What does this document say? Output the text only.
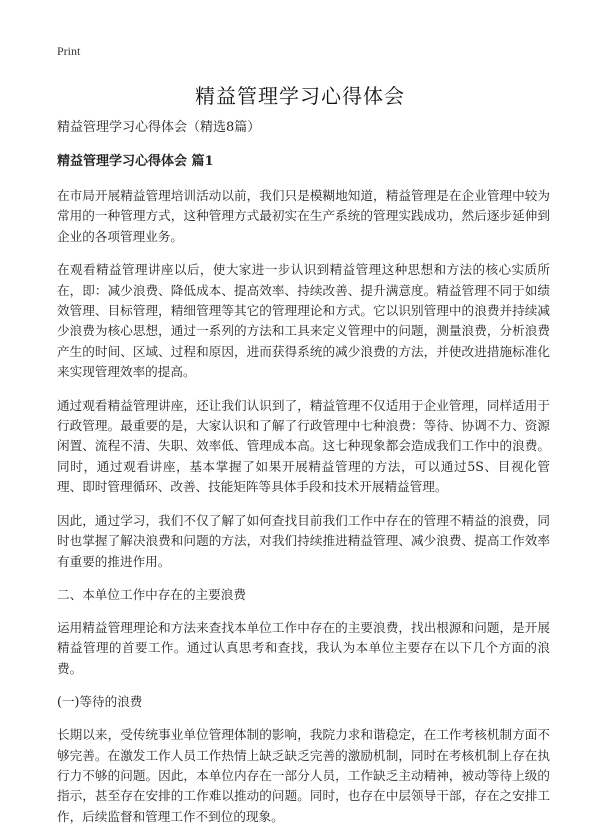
Print
精益管理学习心得体会
精益管理学习心得体会（精选8篇）
精益管理学习心得体会 篇1

在市局开展精益管理培训活动以前，我们只是模糊地知道，精益管理是在企业管理中较为常用的一种管理方式，这种管理方式最初实在生产系统的管理实践成功，然后逐步延伸到企业的各项管理业务。

在观看精益管理讲座以后，使大家进一步认识到精益管理这种思想和方法的核心实质所在，即：减少浪费、降低成本、提高效率、持续改善、提升满意度。精益管理不同于如绩效管理、目标管理，精细管理等其它的管理理论和方式。它以识别管理中的浪费并持续减少浪费为核心思想，通过一系列的方法和工具来定义管理中的问题，测量浪费，分析浪费产生的时间、区域、过程和原因，进而获得系统的减少浪费的方法，并使改进措施标准化来实现管理效率的提高。

通过观看精益管理讲座，还让我们认识到了，精益管理不仅适用于企业管理，同样适用于行政管理。最重要的是，大家认识和了解了行政管理中七种浪费：等待、协调不力、资源闲置、流程不清、失职、效率低、管理成本高。这七种现象都会造成我们工作中的浪费。同时，通过观看讲座，基本掌握了如果开展精益管理的方法，可以通过5S、目视化管理、即时管理循环、改善、技能矩阵等具体手段和技术开展精益管理。

因此，通过学习，我们不仅了解了如何查找目前我们工作中存在的管理不精益的浪费，同时也掌握了解决浪费和问题的方法，对我们持续推进精益管理、减少浪费、提高工作效率有重要的推进作用。

二、本单位工作中存在的主要浪费

运用精益管理理论和方法来查找本单位工作中存在的主要浪费，找出根源和问题，是开展精益管理的首要工作。通过认真思考和查找，我认为本单位主要存在以下几个方面的浪费。

(一)等待的浪费

长期以来，受传统事业单位管理体制的影响，我院力求和谐稳定，在工作考核机制方面不够完善。在激发工作人员工作热情上缺乏缺乏完善的激励机制，同时在考核机制上存在执行力不够的问题。因此，本单位内存在一部分人员，工作缺乏主动精神，被动等待上级的指示，甚至存在安排的工作难以推动的问题。同时，也存在中层领导干部，存在之安排工作，后续监督和管理工作不到位的现象。
